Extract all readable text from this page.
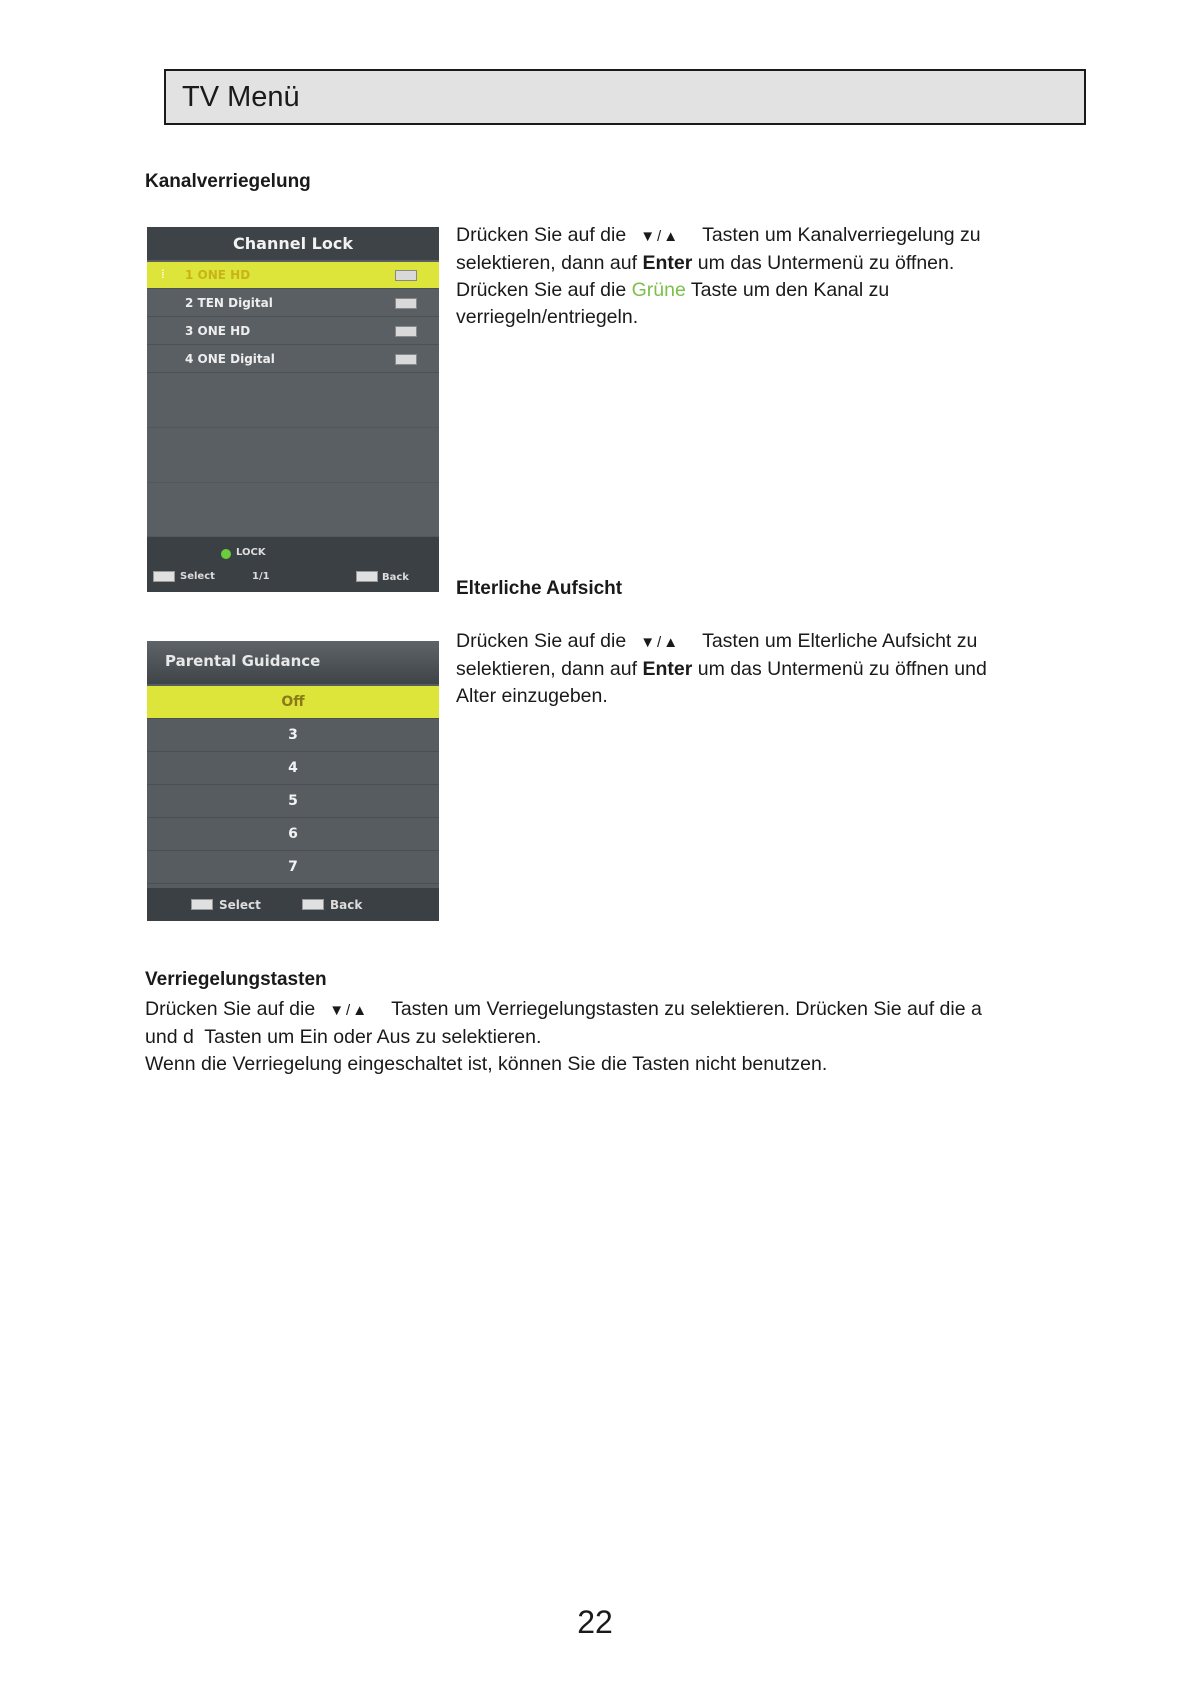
TV Menü
Kanalverriegelung
Channel Lock
⁞ 1 ONE HD
2 TEN Digital
3 ONE HD
4 ONE Digital
LOCK
Select	1/1	Back
Drücken Sie auf die ▼/▲ Tasten um Kanalverriegelung zu
selektieren, dann auf Enter um das Untermenü zu öffnen.
Drücken Sie auf die Grüne Taste um den Kanal zu
verriegeln/entriegeln.
Elterliche Aufsicht
Parental Guidance
Off
3
4
5
6
7
Select	Back
Drücken Sie auf die ▼/▲ Tasten um Elterliche Aufsicht zu
selektieren, dann auf Enter um das Untermenü zu öffnen und
Alter einzugeben.
Verriegelungstasten
Drücken Sie auf die ▼/▲ Tasten um Verriegelungstasten zu selektieren. Drücken Sie auf die a
und d  Tasten um Ein oder Aus zu selektieren.
Wenn die Verriegelung eingeschaltet ist, können Sie die Tasten nicht benutzen.
22
